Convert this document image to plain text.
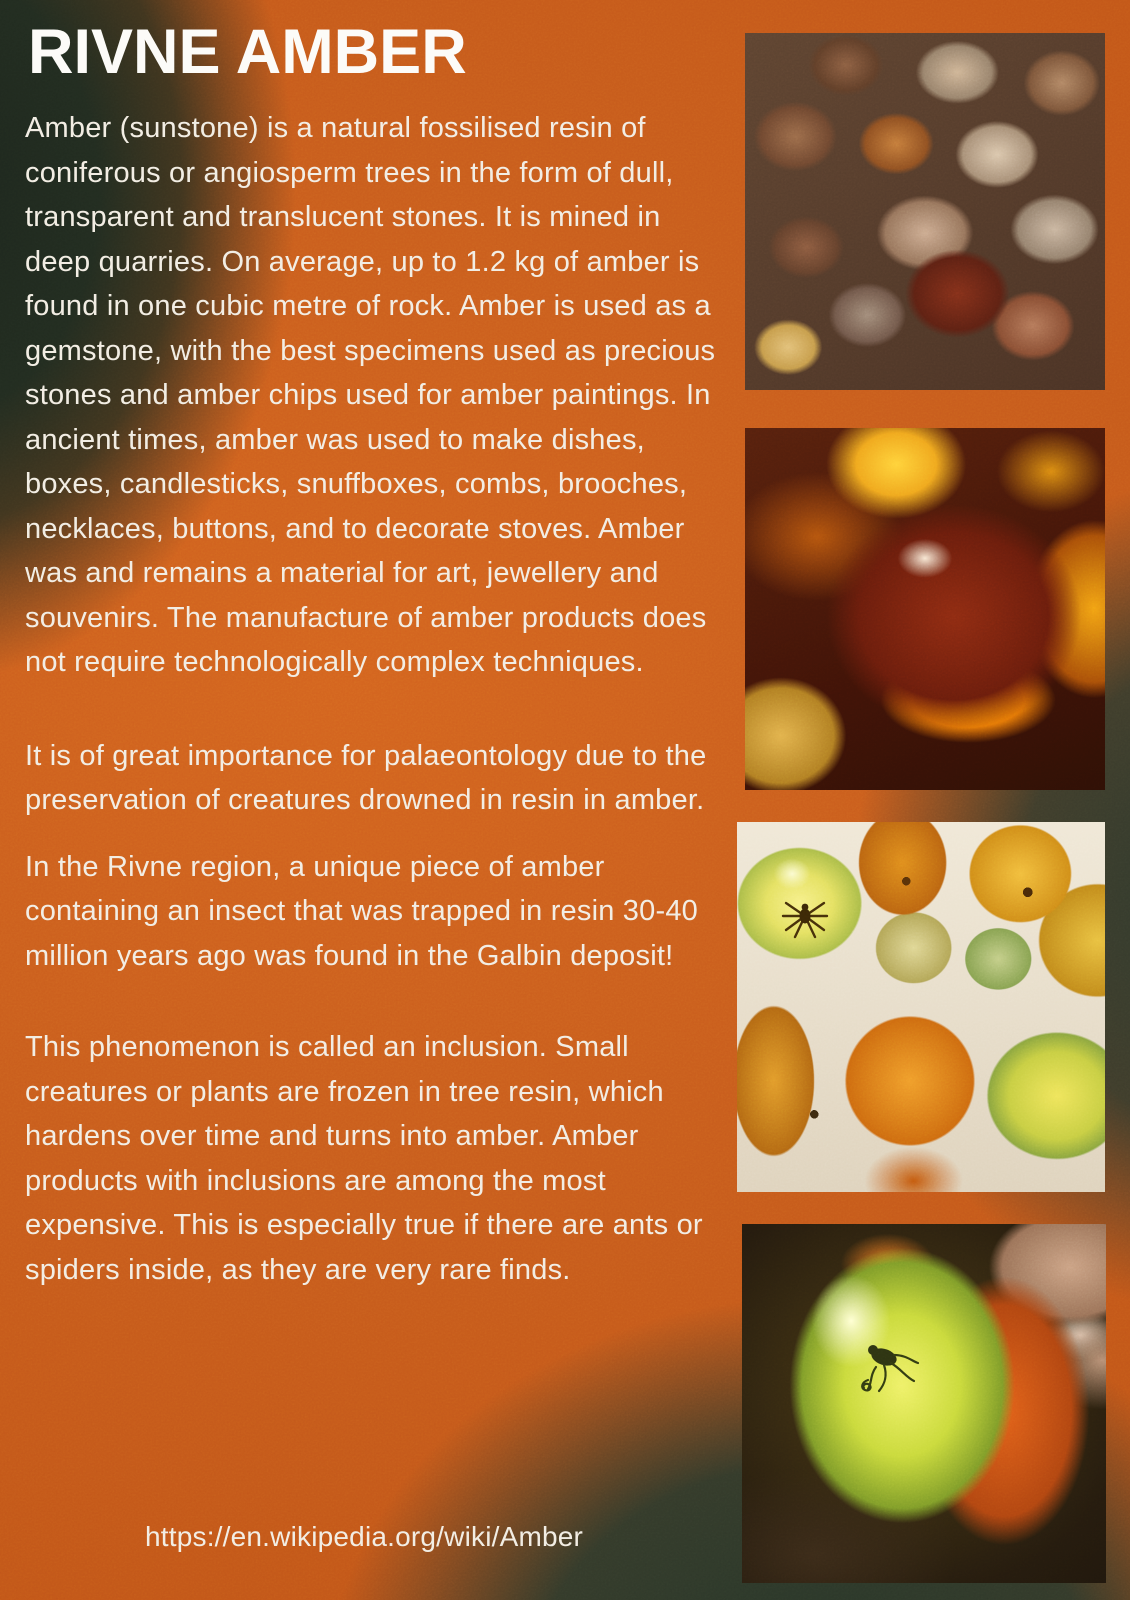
RIVNE AMBER

Amber (sunstone) is a natural fossilised resin of coniferous or angiosperm trees in the form of dull, transparent and translucent stones. It is mined in deep quarries. On average, up to 1.2 kg of amber is found in one cubic metre of rock. Amber is used as a gemstone, with the best specimens used as precious stones and amber chips used for amber paintings. In ancient times, amber was used to make dishes, boxes, candlesticks, snuffboxes, combs, brooches, necklaces, buttons, and to decorate stoves. Amber was and remains a material for art, jewellery and souvenirs. The manufacture of amber products does not require technologically complex techniques.

It is of great importance for palaeontology due to the preservation of creatures drowned in resin in amber.

In the Rivne region, a unique piece of amber containing an insect that was trapped in resin 30-40 million years ago was found in the Galbin deposit!

This phenomenon is called an inclusion. Small creatures or plants are frozen in tree resin, which hardens over time and turns into amber. Amber products with inclusions are among the most expensive. This is especially true if there are ants or spiders inside, as they are very rare finds.

https://en.wikipedia.org/wiki/Amber
